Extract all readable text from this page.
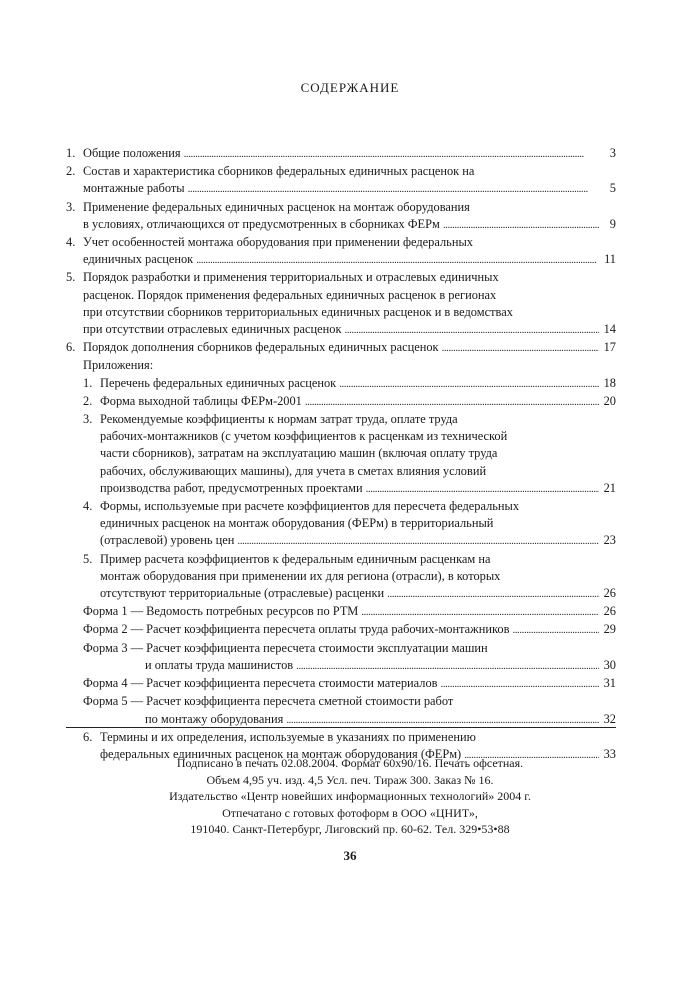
СОДЕРЖАНИЕ
1. Общие положения . . .	3
2. Состав и характеристика сборников федеральных единичных расценок на
монтажные работы . . .	5
3. Применение федеральных единичных расценок на монтаж оборудования
в условиях, отличающихся от предусмотренных в сборниках ФЕРм . . .	9
4. Учет особенностей монтажа оборудования при применении федеральных
единичных расценок . . .	11
5. Порядок разработки и применения территориальных и отраслевых единичных
расценок. Порядок применения федеральных единичных расценок в регионах
при отсутствии сборников территориальных единичных расценок и в ведомствах
при отсутствии отраслевых единичных расценок . . .	14
6. Порядок дополнения сборников федеральных единичных расценок . . .	17
Приложения:
1. Перечень федеральных единичных расценок . . .	18
2. Форма выходной таблицы ФЕРм-2001 . . .	20
3. Рекомендуемые коэффициенты к нормам затрат труда, оплате труда
рабочих-монтажников (с учетом коэффициентов к расценкам из технической
части сборников), затратам на эксплуатацию машин (включая оплату труда
рабочих, обслуживающих машины), для учета в сметах влияния условий
производства работ, предусмотренных проектами . . .	21
4. Формы, используемые при расчете коэффициентов для пересчета федеральных
единичных расценок на монтаж оборудования (ФЕРм) в территориальный
(отраслевой) уровень цен . . .	23
5. Пример расчета коэффициентов к федеральным единичным расценкам на
монтаж оборудования при применении их для региона (отрасли), в которых
отсутствуют территориальные (отраслевые) расценки . . .	26
Форма 1 — Ведомость потребных ресурсов по РТМ . . .	26
Форма 2 — Расчет коэффициента пересчета оплаты труда рабочих-монтажников . . .	29
Форма 3 — Расчет коэффициента пересчета стоимости эксплуатации машин
и оплаты труда машинистов . . .	30
Форма 4 — Расчет коэффициента пересчета стоимости материалов . . .	31
Форма 5 — Расчет коэффициента пересчета сметной стоимости работ
по монтажу оборудования . . .	32
6. Термины и их определения, используемые в указаниях по применению
федеральных единичных расценок на монтаж оборудования (ФЕРм) . . .	33
Подписано в печать 02.08.2004. Формат 60х90/16. Печать офсетная.
Объем 4,95 уч. изд. 4,5 Усл. печ. Тираж 300. Заказ № 16.
Издательство «Центр новейших информационных технологий» 2004 г.
Отпечатано с готовых фотоформ в ООО «ЦНИТ»,
191040. Санкт-Петербург, Лиговский пр. 60-62. Тел. 329•53•88
36
